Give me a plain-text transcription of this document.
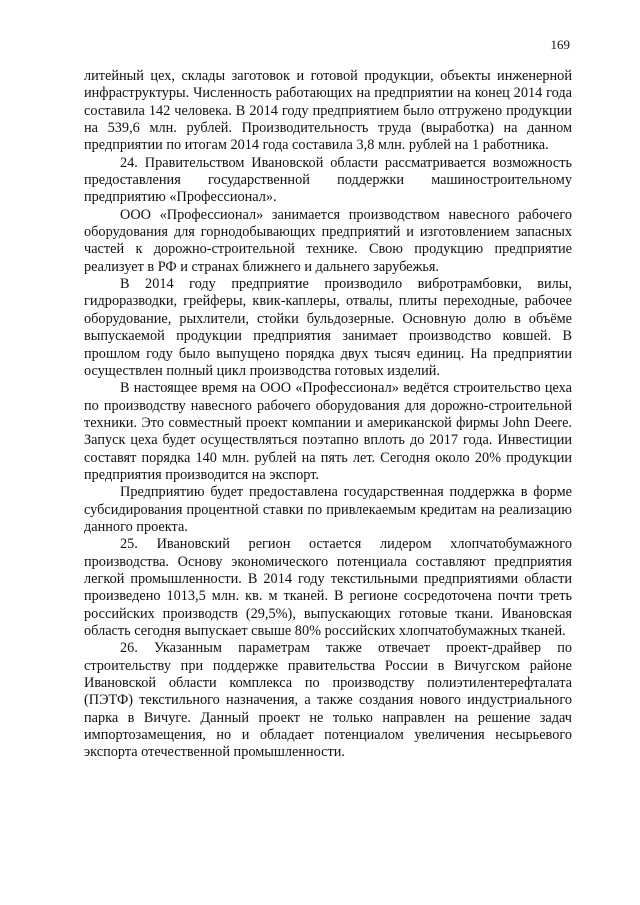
169

литейный цех, склады заготовок и готовой продукции, объекты инженерной инфраструктуры. Численность работающих на предприятии на конец 2014 года составила 142 человека. В 2014 году предприятием было отгружено продукции на 539,6 млн. рублей. Производительность труда (выработка) на данном предприятии по итогам 2014 года составила 3,8 млн. рублей на 1 работника.

24. Правительством Ивановской области рассматривается возможность предоставления государственной поддержки машиностроительному предприятию «Профессионал».

ООО «Профессионал» занимается производством навесного рабочего оборудования для горнодобывающих предприятий и изготовлением запасных частей к дорожно-строительной технике. Свою продукцию предприятие реализует в РФ и странах ближнего и дальнего зарубежья.

В 2014 году предприятие производило вибротрамбовки, вилы, гидроразводки, грейферы, квик-каплеры, отвалы, плиты переходные, рабочее оборудование, рыхлители, стойки бульдозерные. Основную долю в объёме выпускаемой продукции предприятия занимает производство ковшей. В прошлом году было выпущено порядка двух тысяч единиц. На предприятии осуществлен полный цикл производства готовых изделий.

В настоящее время на ООО «Профессионал» ведётся строительство цеха по производству навесного рабочего оборудования для дорожно-строительной техники. Это совместный проект компании и американской фирмы John Deere. Запуск цеха будет осуществляться поэтапно вплоть до 2017 года. Инвестиции составят порядка 140 млн. рублей на пять лет. Сегодня около 20% продукции предприятия производится на экспорт.

Предприятию будет предоставлена государственная поддержка в форме субсидирования процентной ставки по привлекаемым кредитам на реализацию данного проекта.

25. Ивановский регион остается лидером хлопчатобумажного производства. Основу экономического потенциала составляют предприятия легкой промышленности. В 2014 году текстильными предприятиями области произведено 1013,5 млн. кв. м тканей. В регионе сосредоточена почти треть российских производств (29,5%), выпускающих готовые ткани. Ивановская область сегодня выпускает свыше 80% российских хлопчатобумажных тканей.

26. Указанным параметрам также отвечает проект-драйвер по строительству при поддержке правительства России в Вичугском районе Ивановской области комплекса по производству полиэтилентерефталата (ПЭТФ) текстильного назначения, а также создания нового индустриального парка в Вичуге. Данный проект не только направлен на решение задач импортозамещения, но и обладает потенциалом увеличения несырьевого экспорта отечественной промышленности.
